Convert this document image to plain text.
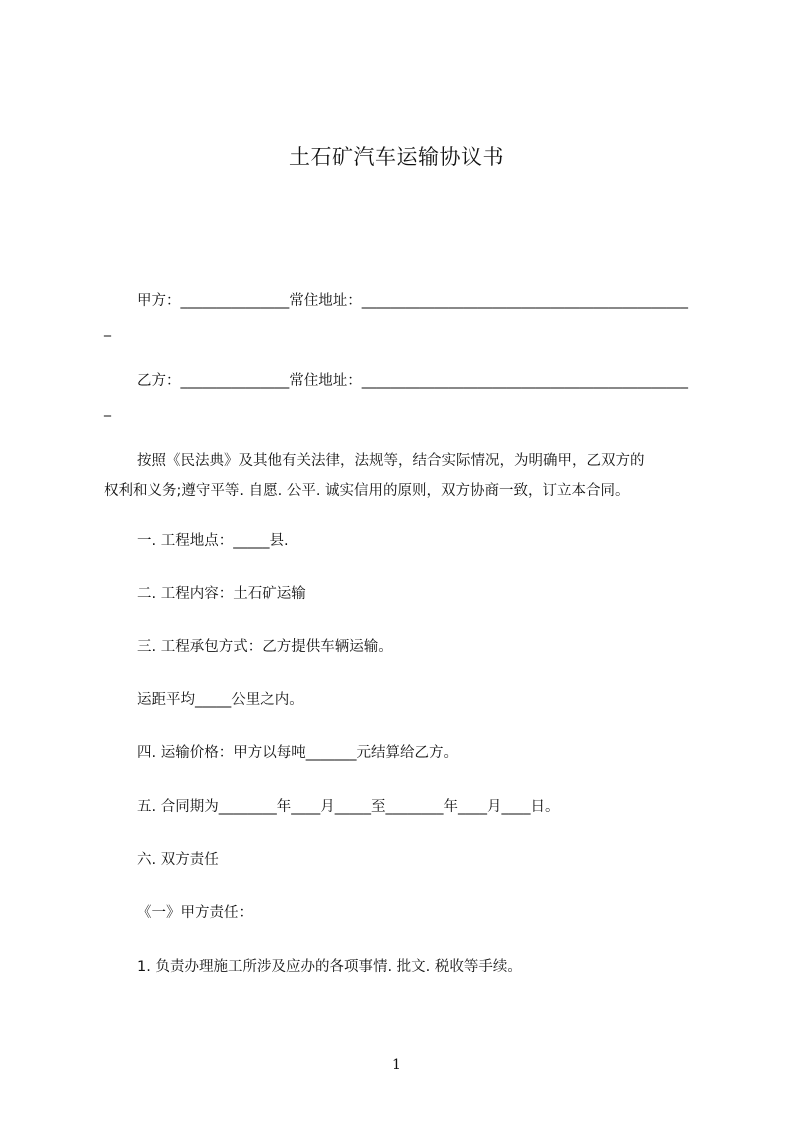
土石矿汽车运输协议书
甲方：_______________常住地址：_____________________________________________
_
乙方：_______________常住地址：_____________________________________________
_
按照《民法典》及其他有关法律，法规等，结合实际情况，为明确甲，乙双方的
权利和义务;遵守平等. 自愿. 公平. 诚实信用的原则，双方协商一致，订立本合同。
一. 工程地点：_____县.
二. 工程内容：土石矿运输
三. 工程承包方式：乙方提供车辆运输。
运距平均_____公里之内。
四. 运输价格：甲方以每吨_______元结算给乙方。
五. 合同期为________年____月_____至________年____月____日。
六. 双方责任
《一》甲方责任：
1. 负责办理施工所涉及应办的各项事情. 批文. 税收等手续。
1
